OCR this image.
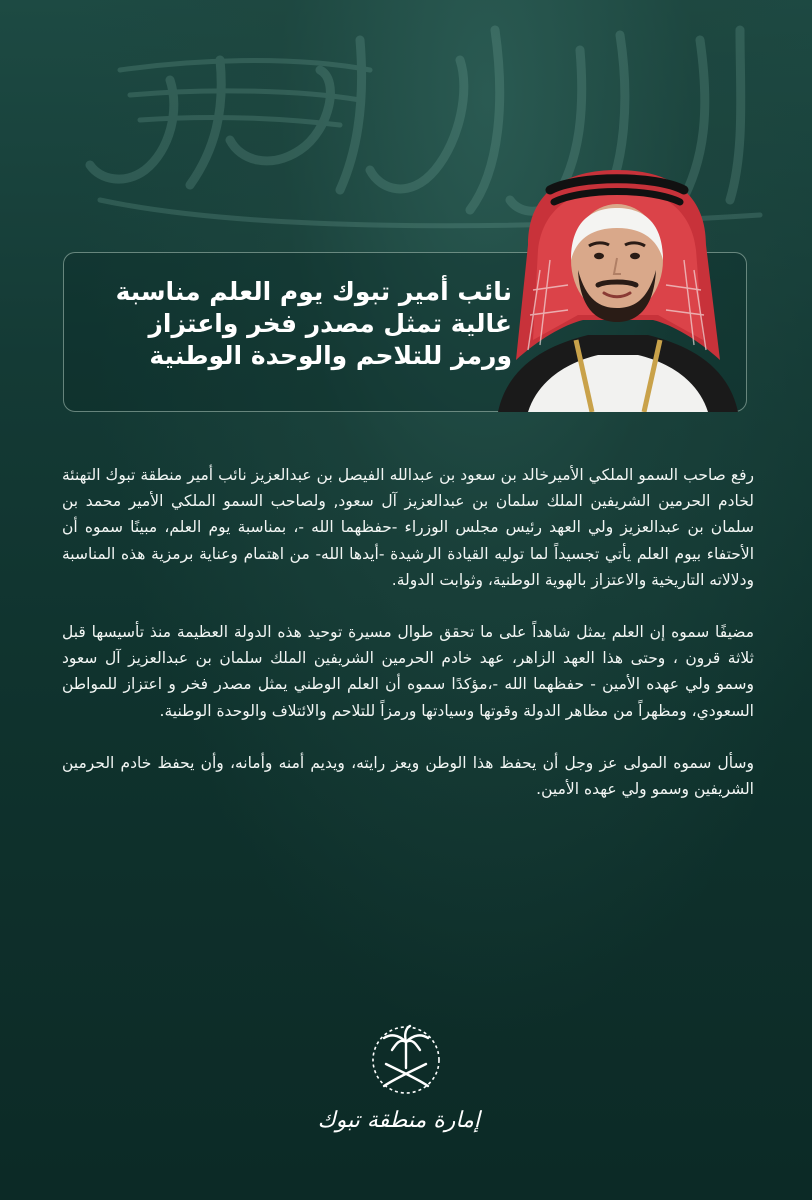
نائب أمير تبوك يوم العلم مناسبة
غالية تمثل مصدر فخر واعتزاز
ورمز للتلاحم والوحدة الوطنية

رفع صاحب السمو الملكي الأميرخالد بن سعود بن عبدالله الفيصل بن عبدالعزيز نائب أمير منطقة تبوك التهنئة لخادم الحرمين الشريفين الملك سلمان بن عبدالعزيز آل سعود, ولصاحب السمو الملكي الأمير محمد بن سلمان بن عبدالعزيز ولي العهد رئيس مجلس الوزراء -حفظهما الله -، بمناسبة يوم العلم، مبينًا سموه أن الأحتفاء بيوم العلم يأتي تجسيداً لما توليه القيادة الرشيدة -أيدها الله- من اهتمام وعناية برمزية هذه المناسبة ودلالاته التاريخية والاعتزاز بالهوية الوطنية، وثوابت الدولة.

مضيفًا سموه إن العلم يمثل شاهداً على ما تحقق طوال مسيرة توحيد هذه الدولة العظيمة منذ تأسيسها قبل ثلاثة قرون ، وحتى هذا العهد الزاهر، عهد خادم الحرمين الشريفين الملك سلمان بن عبدالعزيز آل سعود وسمو ولي عهده الأمين - حفظهما الله -،مؤكدًا سموه أن العلم الوطني يمثل مصدر فخر و اعتزاز للمواطن السعودي، ومظهراً من مظاهر الدولة وقوتها وسيادتها ورمزاً للتلاحم والائتلاف والوحدة الوطنية.

وسأل سموه المولى عز وجل أن يحفظ هذا الوطن ويعز رايته، ويديم أمنه وأمانه، وأن يحفظ خادم الحرمين الشريفين وسمو ولي عهده الأمين.

إمارة منطقة تبوك
